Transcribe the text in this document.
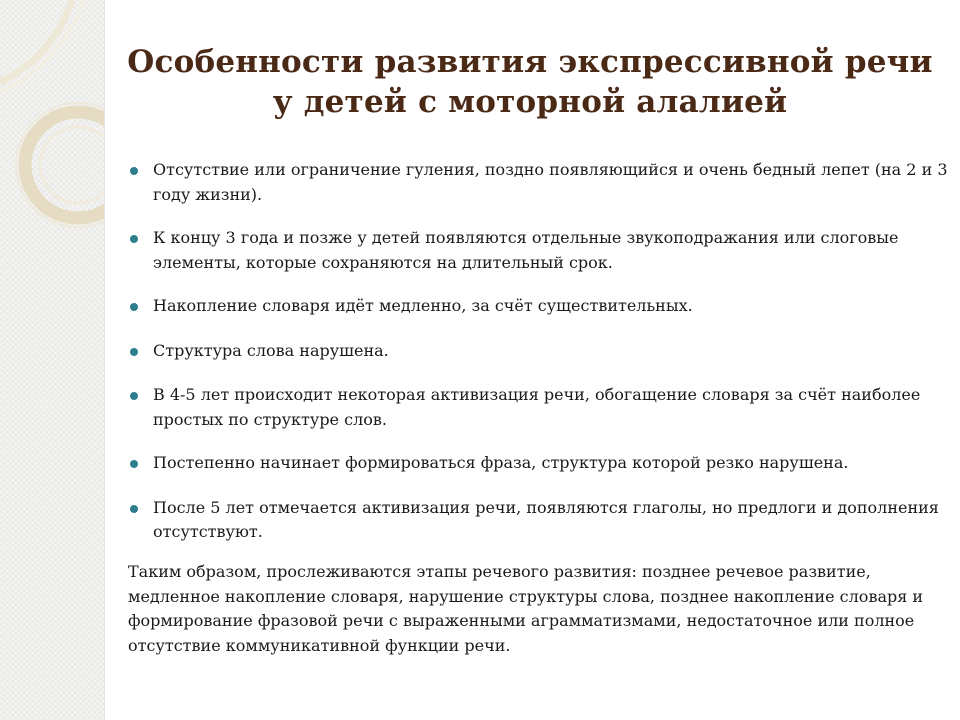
Особенности развития экспрессивной речи
у детей с моторной алалией
Отсутствие или ограничение гуления, поздно появляющийся и очень бедный лепет (на 2 и 3 году жизни).
К концу 3 года и позже у детей появляются отдельные звукоподражания или слоговые элементы, которые сохраняются на длительный срок.
Накопление словаря идёт медленно, за счёт существительных.
Структура слова нарушена.
В 4-5 лет происходит некоторая активизация речи, обогащение словаря за счёт наиболее простых по структуре слов.
Постепенно начинает формироваться фраза, структура которой резко нарушена.
После 5 лет отмечается активизация речи, появляются глаголы, но предлоги и дополнения отсутствуют.
Таким образом, прослеживаются этапы речевого развития: позднее речевое развитие, медленное накопление словаря, нарушение структуры слова, позднее накопление словаря и формирование фразовой речи с выраженными аграмматизмами, недостаточное или полное отсутствие коммуникативной функции речи.
